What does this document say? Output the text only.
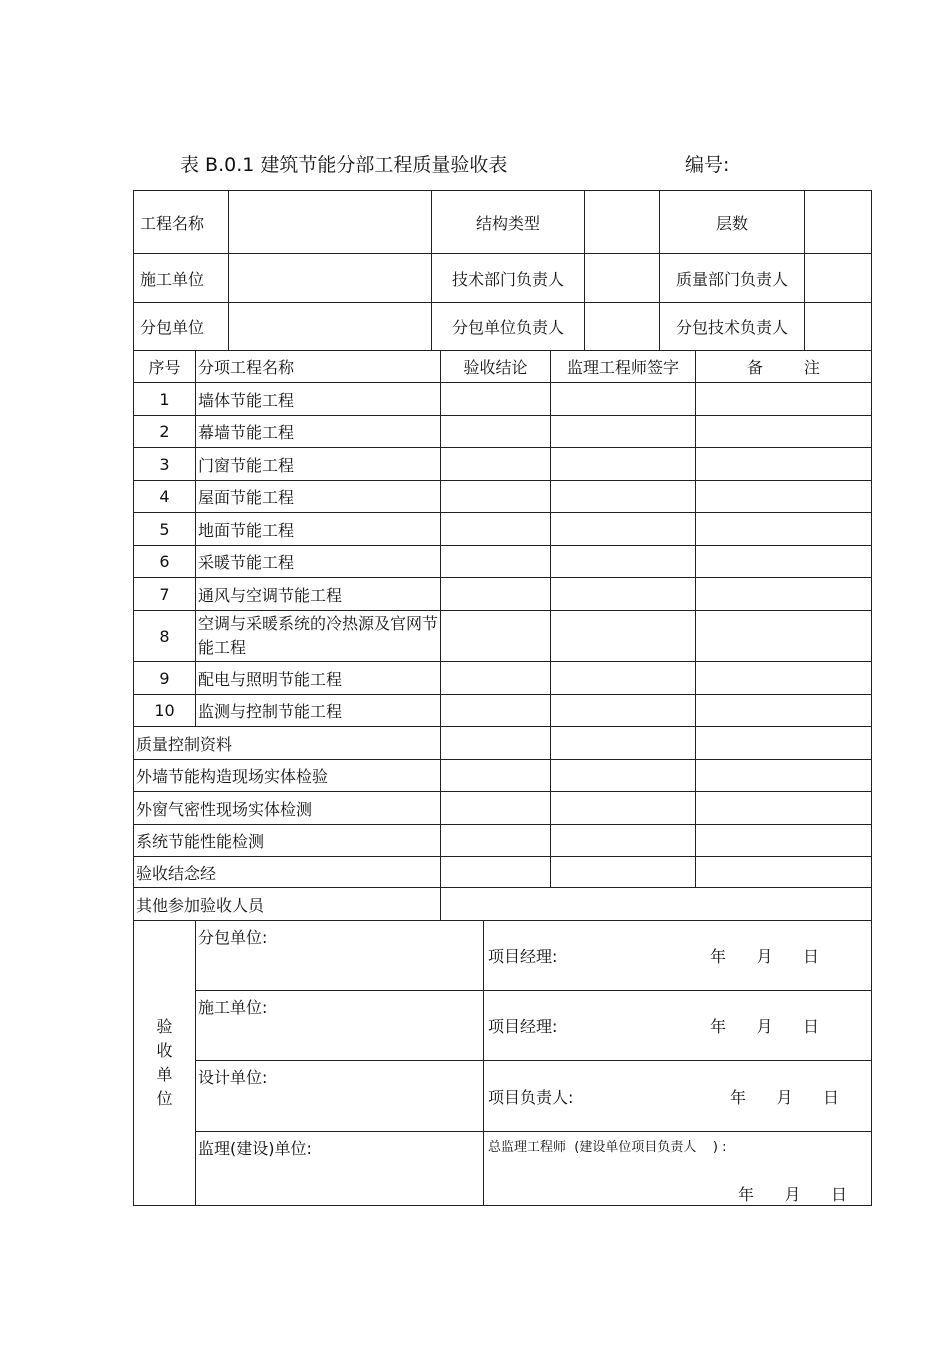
表 B.0.1 建筑节能分部工程质量验收表	编号:
工程名称		结构类型		层数	
施工单位		技术部门负责人		质量部门负责人	
分包单位		分包单位负责人		分包技术负责人	
序号	分项工程名称	验收结论	监理工程师签字	备        注
1	墙体节能工程			
2	幕墙节能工程			
3	门窗节能工程			
4	屋面节能工程			
5	地面节能工程			
6	采暖节能工程			
7	通风与空调节能工程			
8	空调与采暖系统的冷热源及官网节能工程			
9	配电与照明节能工程			
10	监测与控制节能工程			
质量控制资料				
外墙节能构造现场实体检验				
外窗气密性现场实体检测				
系统节能性能检测				
验收结念经				
其他参加验收人员				
验
收
单
位	分包单位:	项目经理: 年      月      日

	施工单位:	项目经理: 年      月      日

	设计单位:	项目负责人: 年      月      日

	监理(建设)单位:	总监理工程师  (建设单位项目负责人    ) :
年      月      日
